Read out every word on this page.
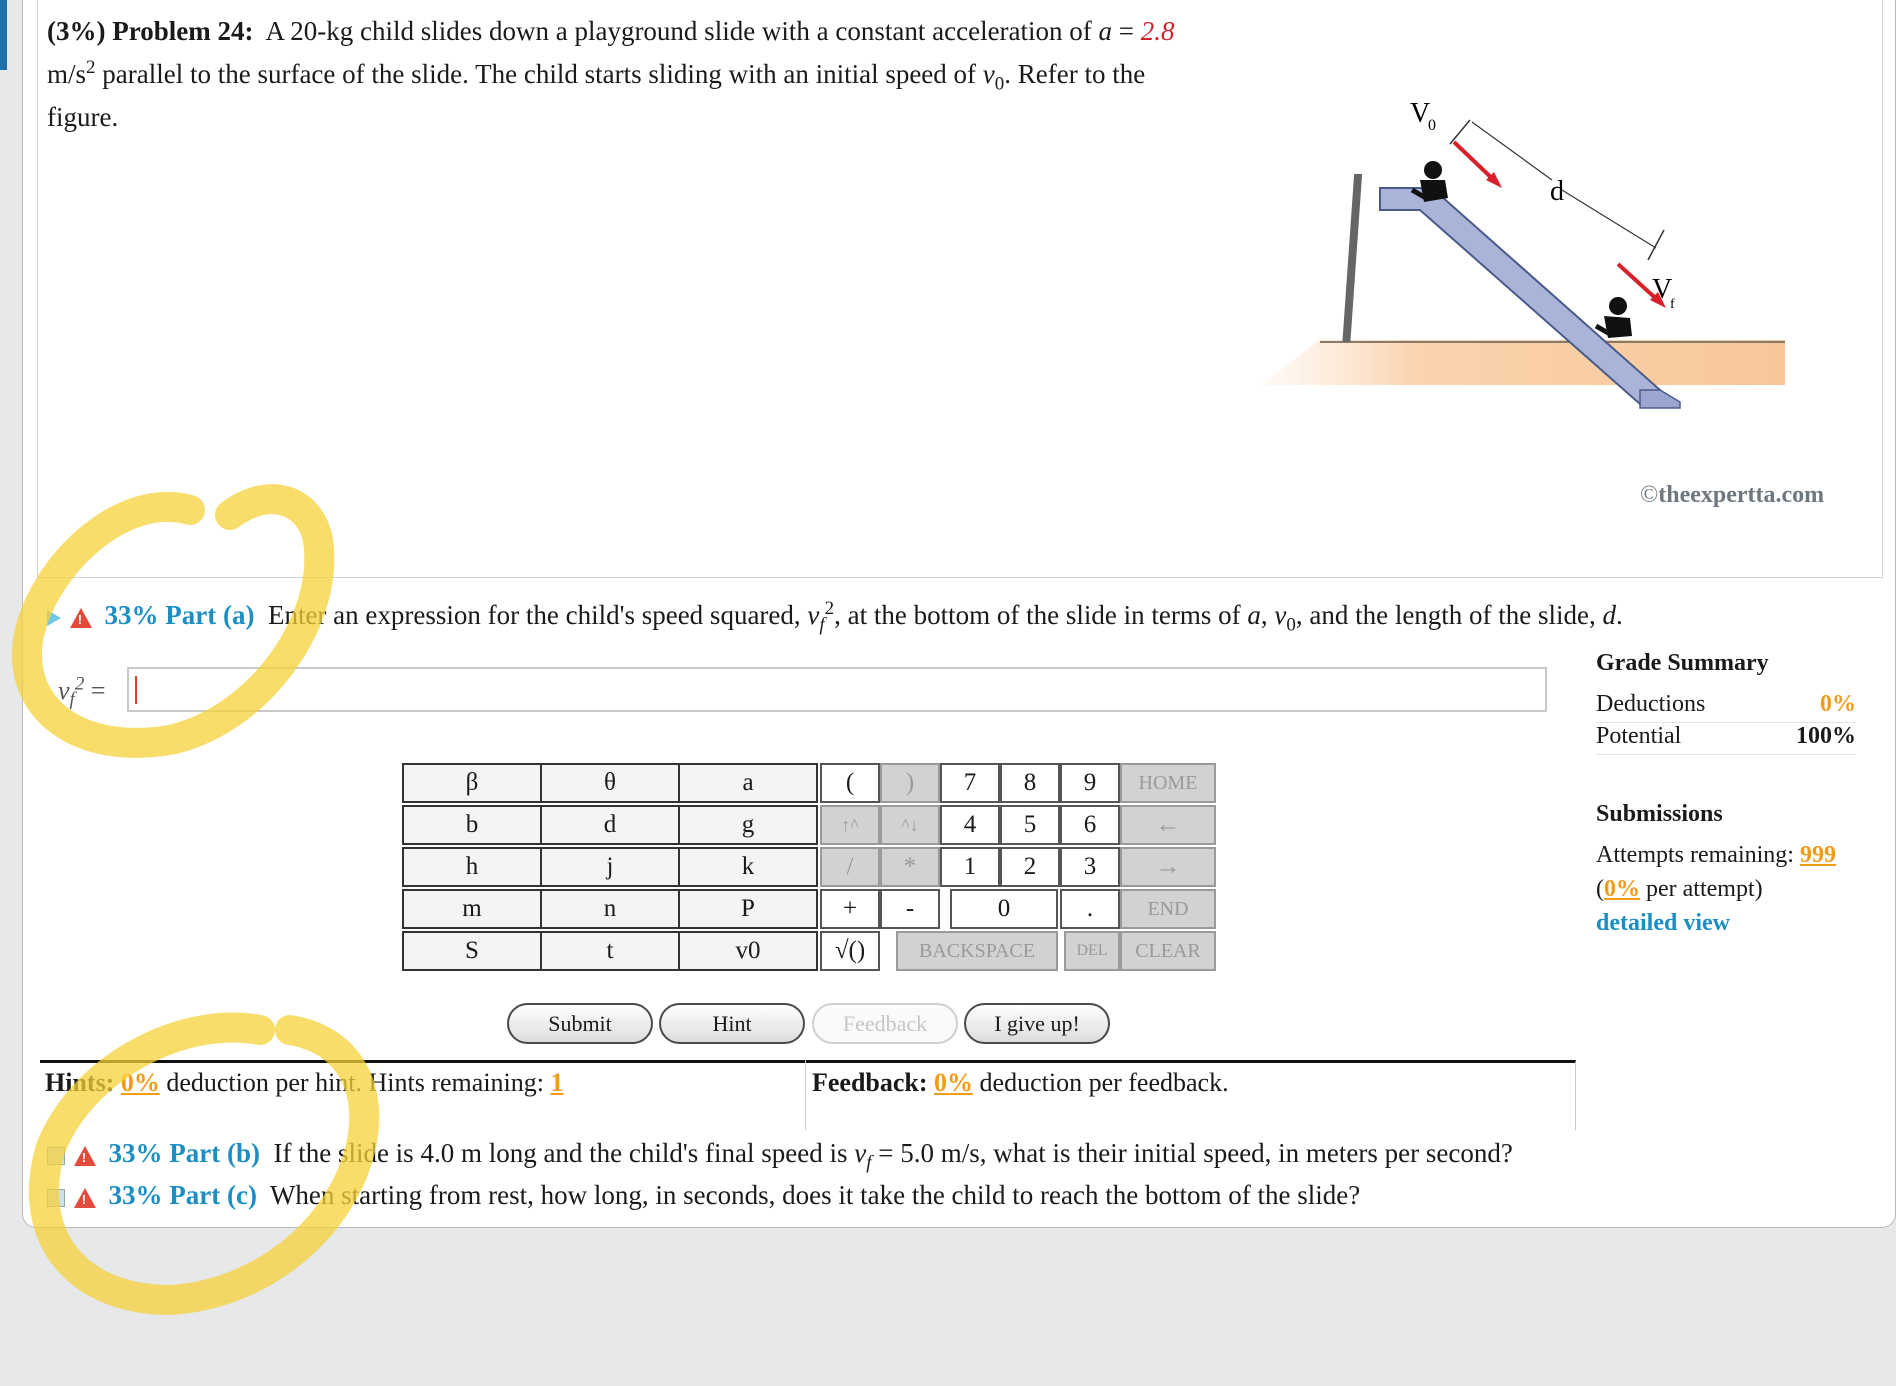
(3%) Problem 24: A 20-kg child slides down a playground slide with a constant acceleration of a = 2.8 $m/s^2$ parallel to the surface of the slide. The child starts sliding with an initial speed of $v_0$. Refer to the figure.	V
0
d
V
f
©theexpertta.com
! 33% Part (a) Enter an expression for the child's speed squared, $v_f^2$, at the bottom of the slide in terms of a, $v_0$, and the length of the slide, d.
$v_f^2$ =
Grade Summary
Deductions	0%
Potential	100%
Submissions
Attempts remaining: 999
(0% per attempt)
detailed view
β	θ	a	(	)	7	8	9	HOME
b	d	g	↑^	^↓	4	5	6	←
h	j	k	/	*	1	2	3	→
m	n	P	+	-	0	.	END
S	t	v0	√()	BACKSPACE	DEL	CLEAR
Submit	Hint	Feedback	I give up!
Hints: 0% deduction per hint. Hints remaining: 1	Feedback: 0% deduction per feedback.
! 33% Part (b) If the slide is 4.0 m long and the child's final speed is $v_f = 5.0$ m/s, what is their initial speed, in meters per second?
! 33% Part (c) When starting from rest, how long, in seconds, does it take the child to reach the bottom of the slide?
